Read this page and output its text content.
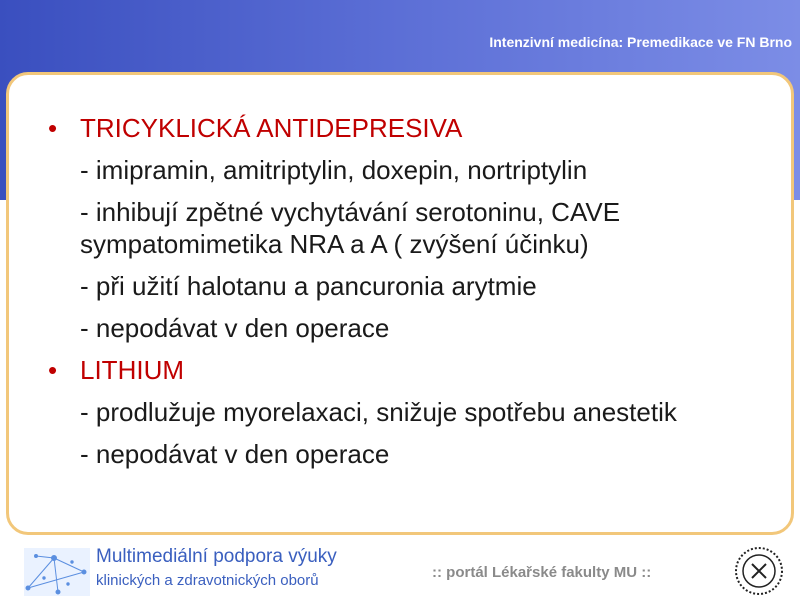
Intenzivní medicína: Premedikace ve FN Brno
• TRICYKLICKÁ ANTIDEPRESIVA
- imipramin, amitriptylin, doxepin, nortriptylin
- inhibují zpětné vychytávání serotoninu, CAVE sympatomimetika NRA a A ( zvýšení účinku)
- při užití halotanu a pancuronia arytmie
- nepodávat v den operace
• LITHIUM
- prodlužuje myorelaxaci, snižuje spotřebu anestetik
- nepodávat v den operace
Multimediální podpora výuky
klinických a zdravotnických oborů	:: portál Lékařské fakulty MU ::
